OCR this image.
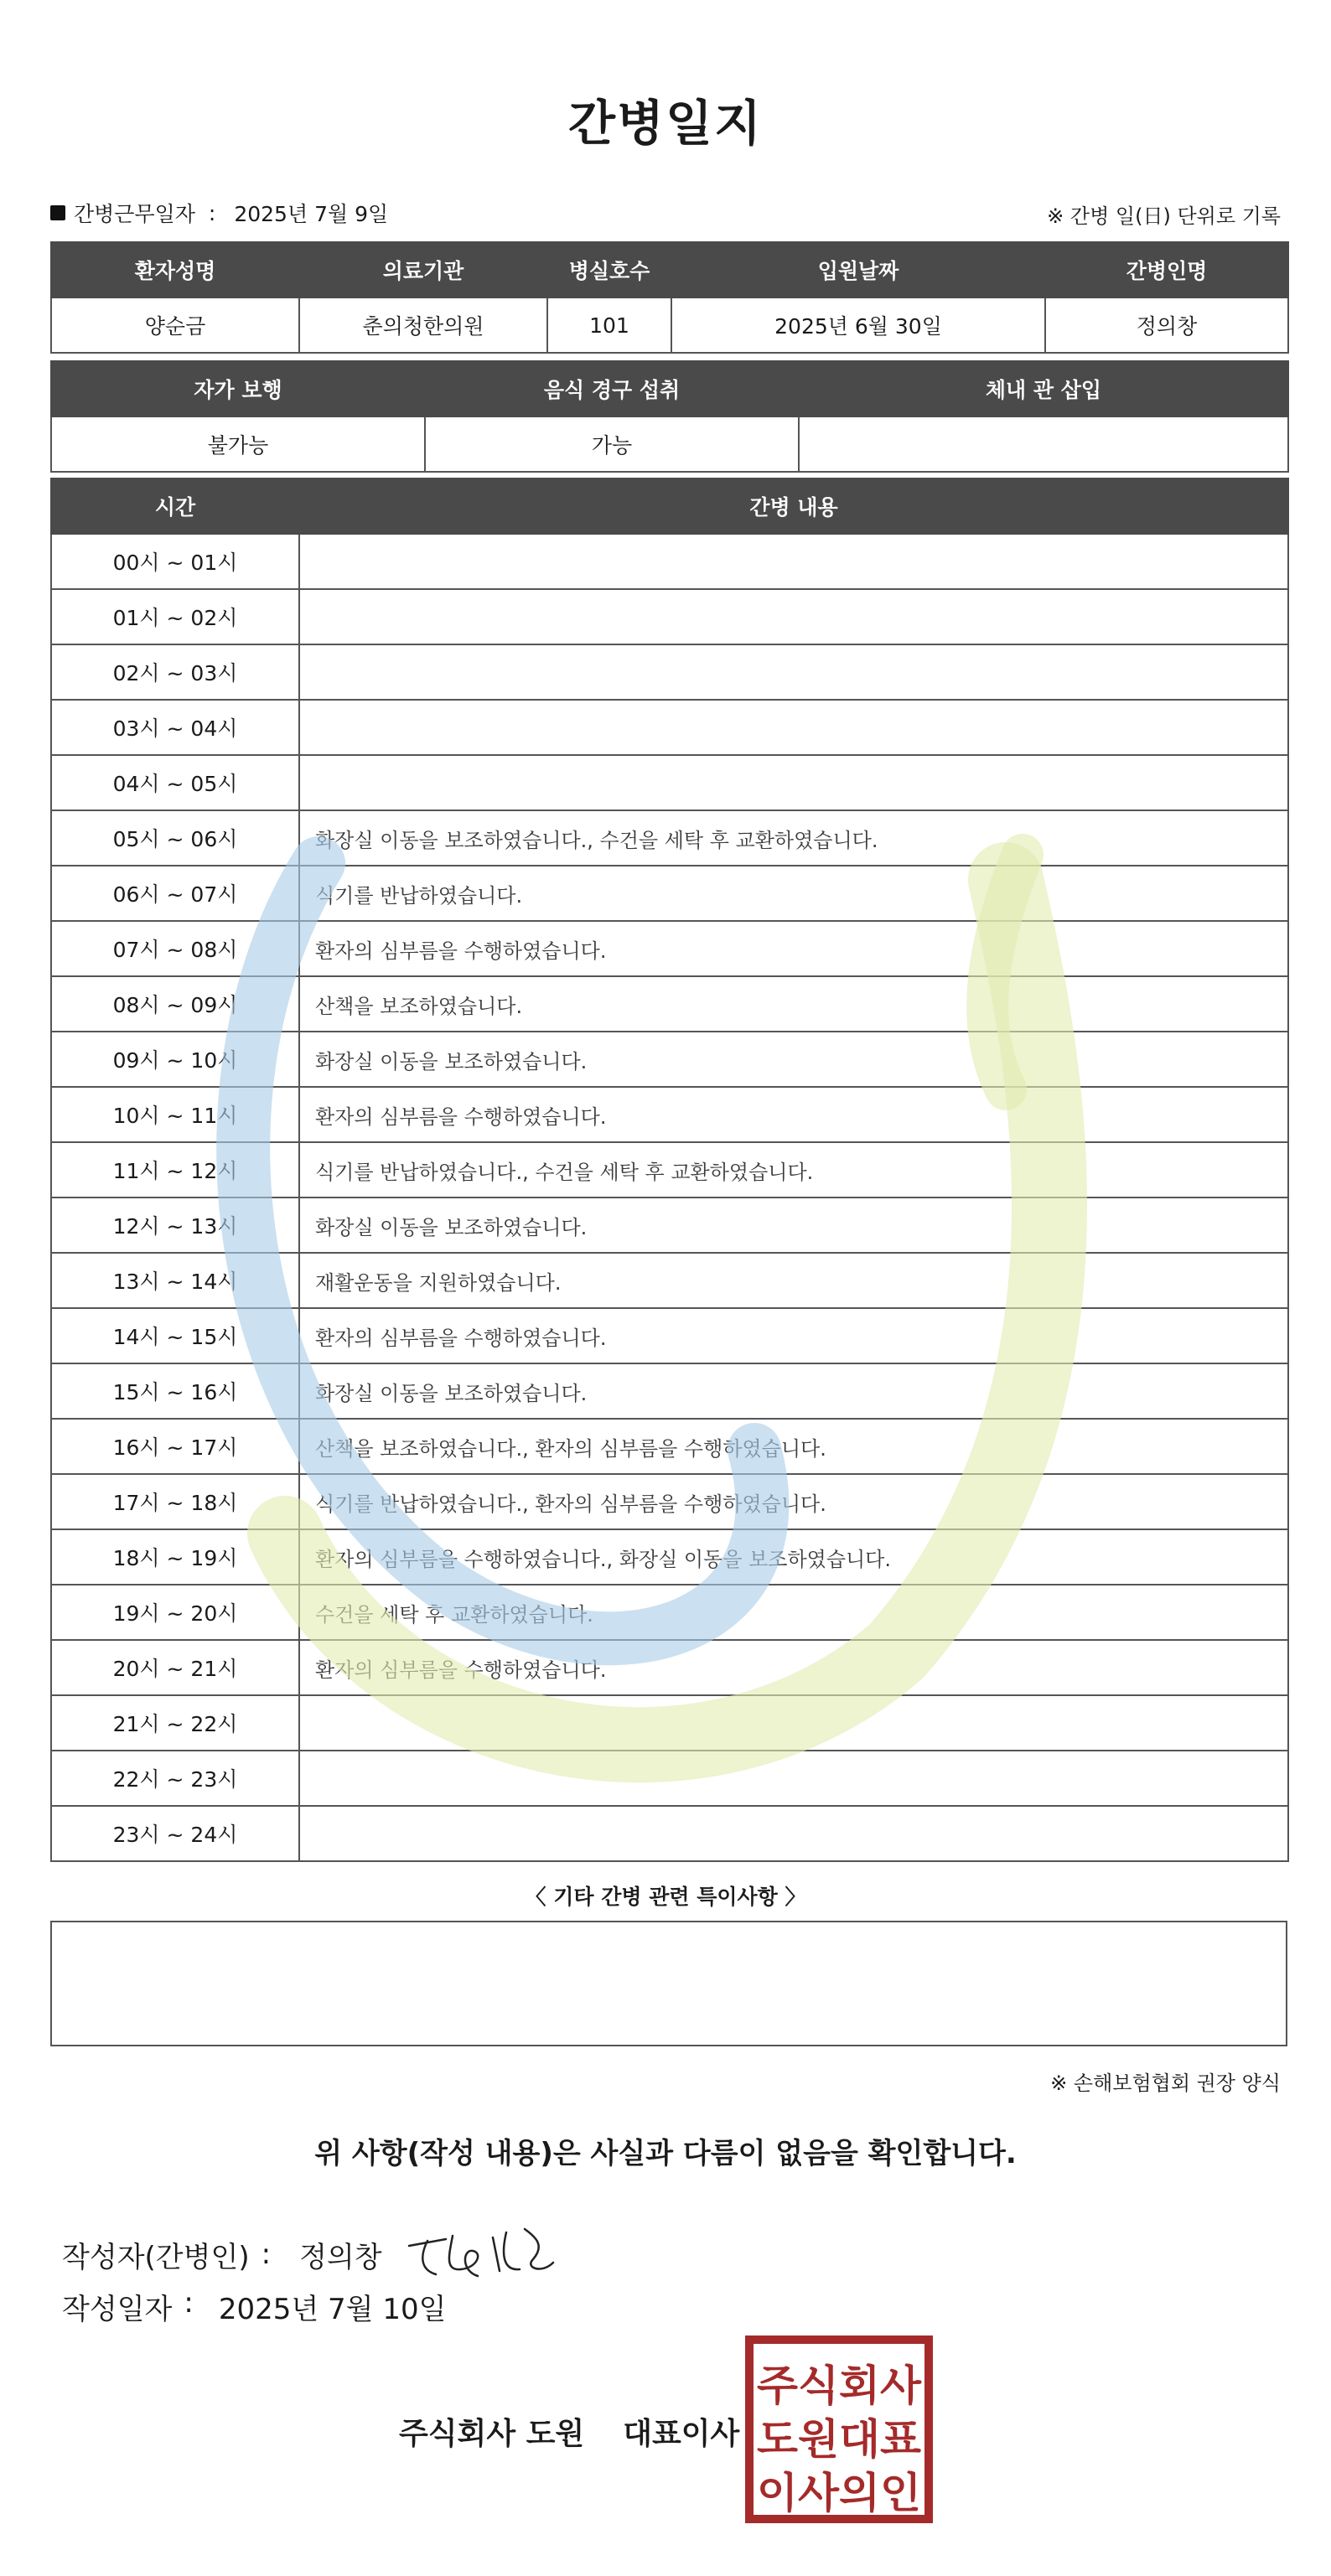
간병일지
간병근무일자 : 2025년 7월 9일	※ 간병 일(日) 단위로 기록
환자성명	의료기관	병실호수	입원날짜	간병인명
양순금	춘의청한의원	101	2025년 6월 30일	정의창
자가 보행	음식 경구 섭취	체내 관 삽입
불가능	가능	
시간	간병 내용
00시 ~ 01시	
01시 ~ 02시	
02시 ~ 03시	
03시 ~ 04시	
04시 ~ 05시	
05시 ~ 06시	화장실 이동을 보조하였습니다., 수건을 세탁 후 교환하였습니다.
06시 ~ 07시	식기를 반납하였습니다.
07시 ~ 08시	환자의 심부름을 수행하였습니다.
08시 ~ 09시	산책을 보조하였습니다.
09시 ~ 10시	화장실 이동을 보조하였습니다.
10시 ~ 11시	환자의 심부름을 수행하였습니다.
11시 ~ 12시	식기를 반납하였습니다., 수건을 세탁 후 교환하였습니다.
12시 ~ 13시	화장실 이동을 보조하였습니다.
13시 ~ 14시	재활운동을 지원하였습니다.
14시 ~ 15시	환자의 심부름을 수행하였습니다.
15시 ~ 16시	화장실 이동을 보조하였습니다.
16시 ~ 17시	산책을 보조하였습니다., 환자의 심부름을 수행하였습니다.
17시 ~ 18시	식기를 반납하였습니다., 환자의 심부름을 수행하였습니다.
18시 ~ 19시	환자의 심부름을 수행하였습니다., 화장실 이동을 보조하였습니다.
19시 ~ 20시	수건을 세탁 후 교환하였습니다.
20시 ~ 21시	환자의 심부름을 수행하였습니다.
21시 ~ 22시	
22시 ~ 23시	
23시 ~ 24시	
〈 기타 간병 관련 특이사항 〉
※ 손해보험협회 권장 양식
위 사항(작성 내용)은 사실과 다름이 없음을 확인합니다.
작성자(간병인) : 정의창
작성일자 : 2025년 7월 10일
주식회사 도원 대표이사
주식회사
도원대표
이사의인
